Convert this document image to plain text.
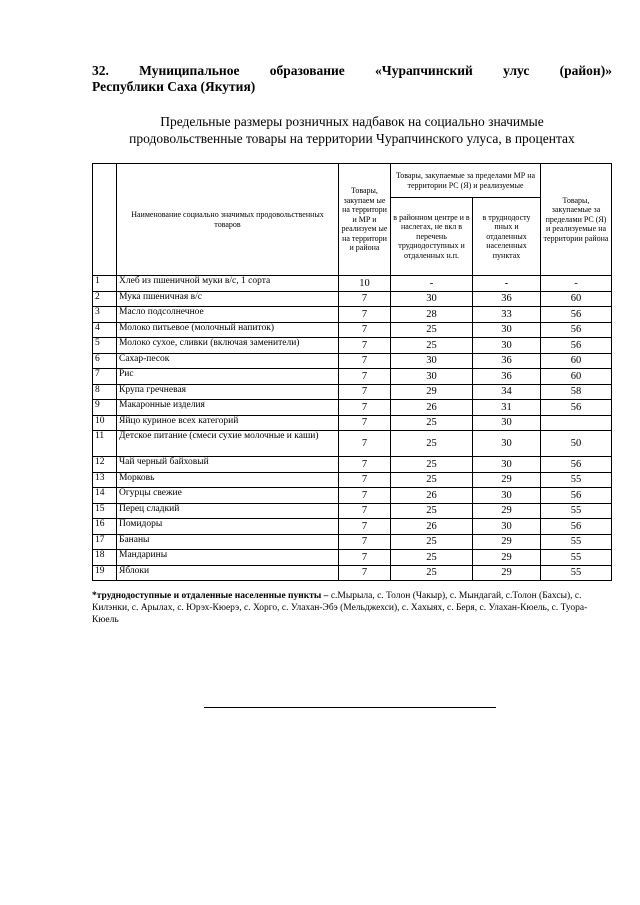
32. Муниципальное образование «Чурапчинский улус (район)»
Республики Саха (Якутия)
Предельные размеры розничных надбавок на социально значимые
продовольственные товары на территории Чурапчинского улуса, в процентах
	Наименование социально значимых продовольственных товаров	Товары, закупаем ые на территори и МР и реализуем ые на территори и района	Товары, закупаемые за пределами МР на территории РС (Я) и реализуемые		Товары, закупаемые за пределами РС (Я) и реализуемые на территории района
			в районном центре и в наслегах, не вкл в перечень труднодоступных и отдаленных н.п.	в труднодосту пных и отдаленных населенных пунктах	
1	Хлеб из пшеничной муки в/с, 1 сорта	10	-	-	-
2	Мука пшеничная в/с	7	30	36	60
3	Масло подсолнечное	7	28	33	56
4	Молоко питьевое (молочный напиток)	7	25	30	56
5	Молоко сухое, сливки (включая заменители)	7	25	30	56
6	Сахар-песок	7	30	36	60
7	Рис	7	30	36	60
8	Крупа гречневая	7	29	34	58
9	Макаронные изделия	7	26	31	56
10	Яйцо куриное всех категорий	7	25	30	
11	Детское питание (смеси сухие молочные и каши)	7	25	30	50
12	Чай черный байховый	7	25	30	56
13	Морковь	7	25	29	55
14	Огурцы свежие	7	26	30	56
15	Перец сладкий	7	25	29	55
16	Помидоры	7	26	30	56
17	Бананы	7	25	29	55
18	Мандарины	7	25	29	55
19	Яблоки	7	25	29	55
*труднодоступные и отдаленные населенные пункты – с.Мырыла, с. Толон (Чакыр), с. Мындагай, с.Толон (Бахсы), с. Килэнки, с. Арылах, с. Юрэх-Кюерэ, с. Хорго, с. Улахан-Эбэ (Мельджехси), с. Хахыях, с. Беря, с. Улахан-Кюель, с. Туора-Кюель
